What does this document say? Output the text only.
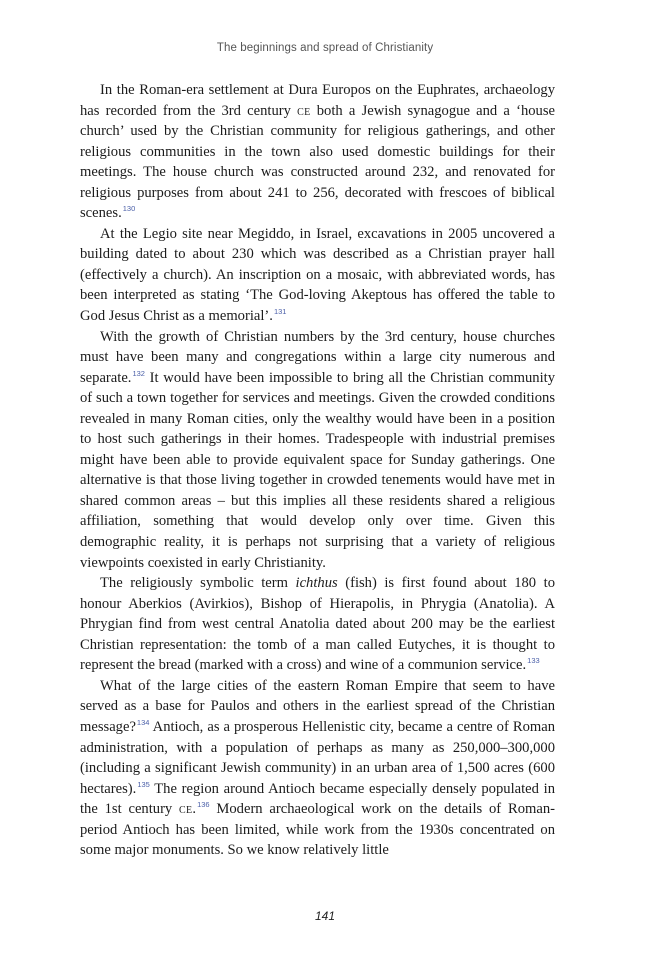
The beginnings and spread of Christianity

In the Roman-era settlement at Dura Europos on the Euphrates, archaeology has recorded from the 3rd century ce both a Jewish synagogue and a ‘house church’ used by the Christian community for religious gatherings, and other religious communities in the town also used domestic buildings for their meetings. The house church was constructed around 232, and renovated for religious purposes from about 241 to 256, decorated with frescoes of biblical scenes.$^{130}$

At the Legio site near Megiddo, in Israel, excavations in 2005 uncovered a building dated to about 230 which was described as a Christian prayer hall (effectively a church). An inscription on a mosaic, with abbreviated words, has been interpreted as stating ‘The God-loving Akeptous has offered the table to God Jesus Christ as a memorial’.$^{131}$

With the growth of Christian numbers by the 3rd century, house churches must have been many and congregations within a large city numerous and separate.$^{132}$ It would have been impossible to bring all the Christian community of such a town together for services and meetings. Given the crowded conditions revealed in many Roman cities, only the wealthy would have been in a position to host such gatherings in their homes. Tradespeople with industrial premises might have been able to provide equivalent space for Sunday gatherings. One alternative is that those living together in crowded tenements would have met in shared common areas – but this implies all these residents shared a religious affiliation, something that would develop only over time. Given this demographic reality, it is perhaps not surprising that a variety of religious viewpoints coexisted in early Christianity.

The religiously symbolic term ichthus (fish) is first found about 180 to honour Aberkios (Avirkios), Bishop of Hierapolis, in Phrygia (Anatolia). A Phrygian find from west central Anatolia dated about 200 may be the earliest Christian representation: the tomb of a man called Eutyches, it is thought to represent the bread (marked with a cross) and wine of a communion service.$^{133}$

What of the large cities of the eastern Roman Empire that seem to have served as a base for Paulos and others in the earliest spread of the Christian message?$^{134}$ Antioch, as a prosperous Hellenistic city, became a centre of Roman administration, with a population of perhaps as many as 250,000–300,000 (including a significant Jewish community) in an urban area of 1,500 acres (600 hectares).$^{135}$ The region around Antioch became especially densely populated in the 1st century ce.$^{136}$ Modern archaeological work on the details of Roman-period Antioch has been limited, while work from the 1930s concentrated on some major monuments. So we know relatively little

141
